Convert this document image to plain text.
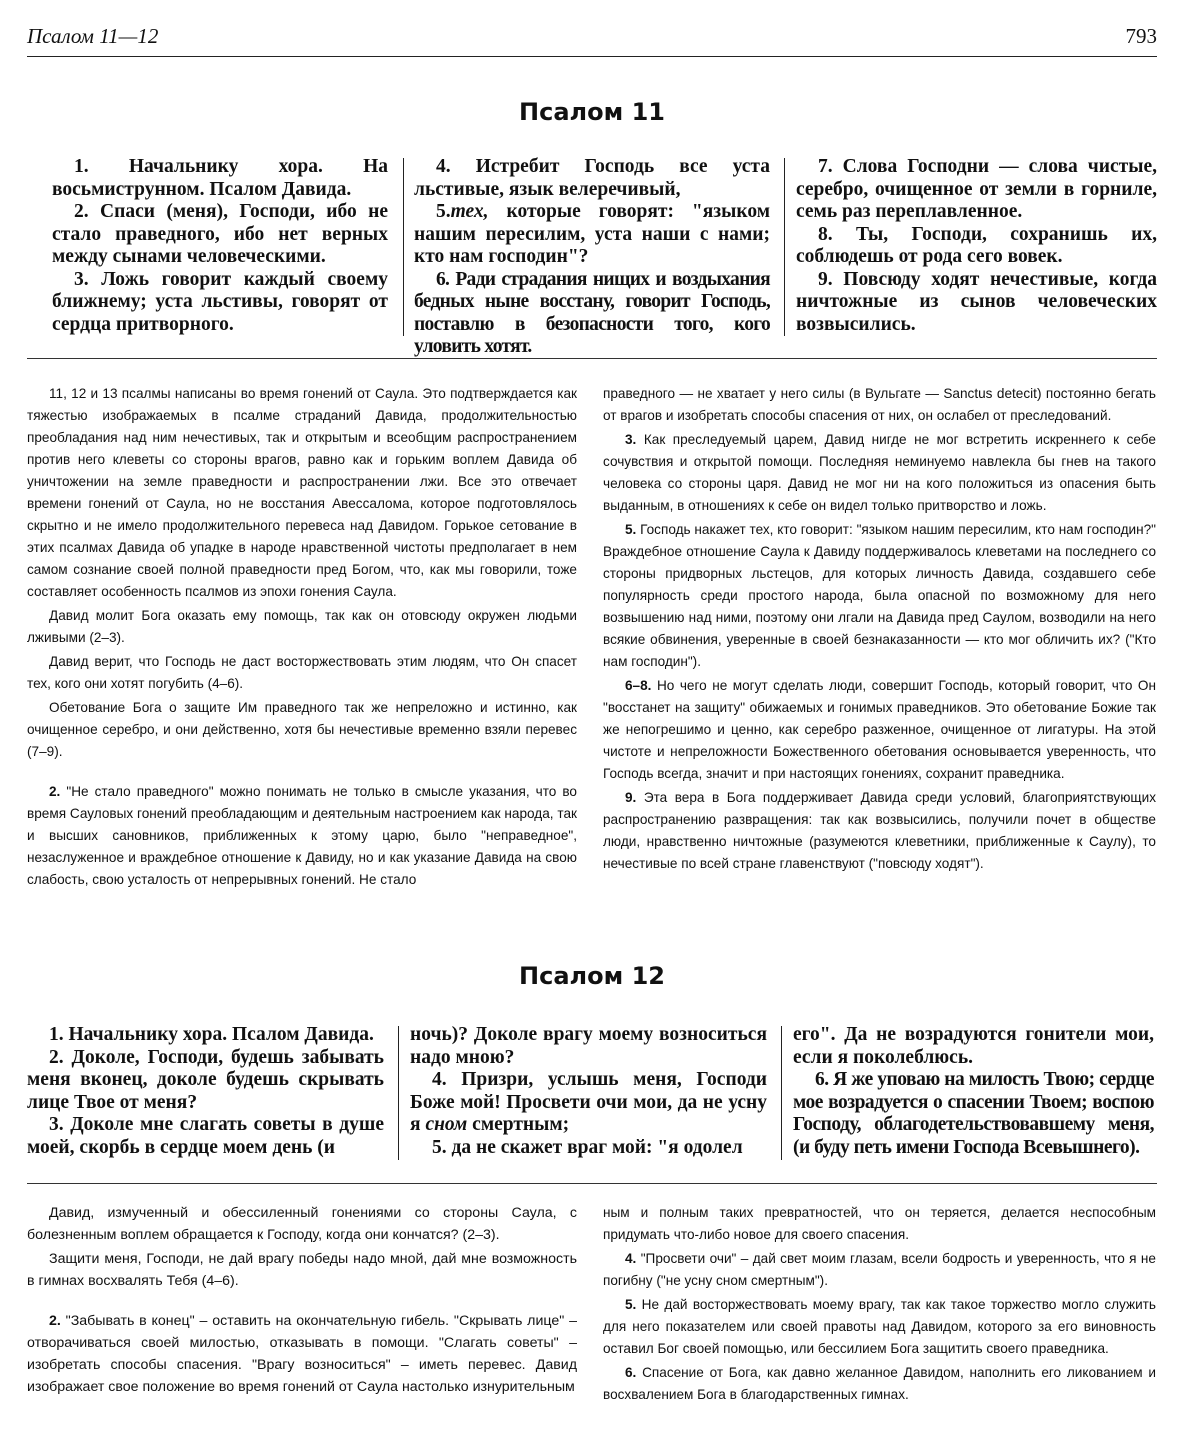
Псалом 11—12	793
Псалом 11

1. Начальнику хора. На восьмиструнном. Псалом Давида.

2. Спаси (меня), Господи, ибо не стало праведного, ибо нет верных между сынами человеческими.

3. Ложь говорит каждый своему ближнему; уста льстивы, говорят от сердца притворного.

4. Истребит Господь все уста льстивые, язык велеречивый,

5.тех, которые говорят: "языком нашим пересилим, уста наши с нами; кто нам господин"?

6. Ради страдания нищих и воздыхания бедных ныне восстану, говорит Господь, поставлю в безопасности того, кого уловить хотят.

7. Слова Господни — слова чистые, серебро, очищенное от земли в горниле, семь раз переплавленное.

8. Ты, Господи, сохранишь их, соблюдешь от рода сего вовек.

9. Повсюду ходят нечестивые, когда ничтожные из сынов человеческих возвысились.

11, 12 и 13 псалмы написаны во время гонений от Саула. Это подтверждается как тяжестью изображаемых в псалме страданий Давида, продолжительностью преобладания над ним нечестивых, так и открытым и всеобщим распространением против него клеветы со стороны врагов, равно как и горьким воплем Давида об уничтожении на земле праведности и распространении лжи. Все это отвечает времени гонений от Саула, но не восстания Авессалома, которое подготовлялось скрытно и не имело продолжительного перевеса над Давидом. Горькое сетование в этих псалмах Давида об упадке в народе нравственной чистоты предполагает в нем самом сознание своей полной праведности пред Богом, что, как мы говорили, тоже составляет особенность псалмов из эпохи гонения Саула.

Давид молит Бога оказать ему помощь, так как он отовсюду окружен людьми лживыми (2–3).

Давид верит, что Господь не даст восторжествовать этим людям, что Он спасет тех, кого они хотят погубить (4–6).

Обетование Бога о защите Им праведного так же непреложно и истинно, как очищенное серебро, и они действенно, хотя бы нечестивые временно взяли перевес (7–9).

2. "Не стало праведного" можно понимать не только в смысле указания, что во время Сауловых гонений преобладающим и деятельным настроением как народа, так и высших сановников, приближенных к этому царю, было "неправедное", незаслуженное и враждебное отношение к Давиду, но и как указание Давида на свою слабость, свою усталость от непрерывных гонений. Не стало

праведного — не хватает у него силы (в Вульгате — Sanctus detecit) постоянно бегать от врагов и изобретать способы спасения от них, он ослабел от преследований.

3. Как преследуемый царем, Давид нигде не мог встретить искреннего к себе сочувствия и открытой помощи. Последняя неминуемо навлекла бы гнев на такого человека со стороны царя. Давид не мог ни на кого положиться из опасения быть выданным, в отношениях к себе он видел только притворство и ложь.

5. Господь накажет тех, кто говорит: "языком нашим пересилим, кто нам господин?" Враждебное отношение Саула к Давиду поддерживалось клеветами на последнего со стороны придворных льстецов, для которых личность Давида, создавшего себе популярность среди простого народа, была опасной по возможному для него возвышению над ними, поэтому они лгали на Давида пред Саулом, возводили на него всякие обвинения, уверенные в своей безнаказанности — кто мог обличить их? ("Кто нам господин").

6–8. Но чего не могут сделать люди, совершит Господь, который говорит, что Он "восстанет на защиту" обижаемых и гонимых праведников. Это обетование Божие так же непогрешимо и ценно, как серебро разженное, очищенное от лигатуры. На этой чистоте и непреложности Божественного обетования основывается уверенность, что Господь всегда, значит и при настоящих гонениях, сохранит праведника.

9. Эта вера в Бога поддерживает Давида среди условий, благоприятствующих распространению развращения: так как возвысились, получили почет в обществе люди, нравственно ничтожные (разумеются клеветники, приближенные к Саулу), то нечестивые по всей стране главенствуют ("повсюду ходят").

Псалом 12

1. Начальнику хора. Псалом Давида.

2. Доколе, Господи, будешь забывать меня вконец, доколе будешь скрывать лице Твое от меня?

3. Доколе мне слагать советы в душе моей, скорбь в сердце моем день (и

ночь)? Доколе врагу моему возноситься надо мною?

4. Призри, услышь меня, Господи Боже мой! Просвети очи мои, да не усну я сном смертным;

5. да не скажет враг мой: "я одолел

его". Да не возрадуются гонители мои, если я поколеблюсь.

6. Я же уповаю на милость Твою; сердце мое возрадуется о спасении Твоем; воспою Господу, облагодетельствовавшему меня, (и буду петь имени Господа Всевышнего).

Давид, измученный и обессиленный гонениями со стороны Саула, с болезненным воплем обращается к Господу, когда они кончатся? (2–3).

Защити меня, Господи, не дай врагу победы надо мной, дай мне возможность в гимнах восхвалять Тебя (4–6).

2. "Забывать в конец" – оставить на окончательную гибель. "Скрывать лице" – отворачиваться своей милостью, отказывать в помощи. "Слагать советы" – изобретать способы спасения. "Врагу возноситься" – иметь перевес. Давид изображает свое положение во время гонений от Саула настолько изнурительным

ным и полным таких превратностей, что он теряется, делается неспособным придумать что-либо новое для своего спасения.

4. "Просвети очи" – дай свет моим глазам, всели бодрость и уверенность, что я не погибну ("не усну сном смертным").

5. Не дай восторжествовать моему врагу, так как такое торжество могло служить для него показателем или своей правоты над Давидом, которого за его виновность оставил Бог своей помощью, или бессилием Бога защитить своего праведника.

6. Спасение от Бога, как давно желанное Давидом, наполнить его ликованием и восхвалением Бога в благодарственных гимнах.
